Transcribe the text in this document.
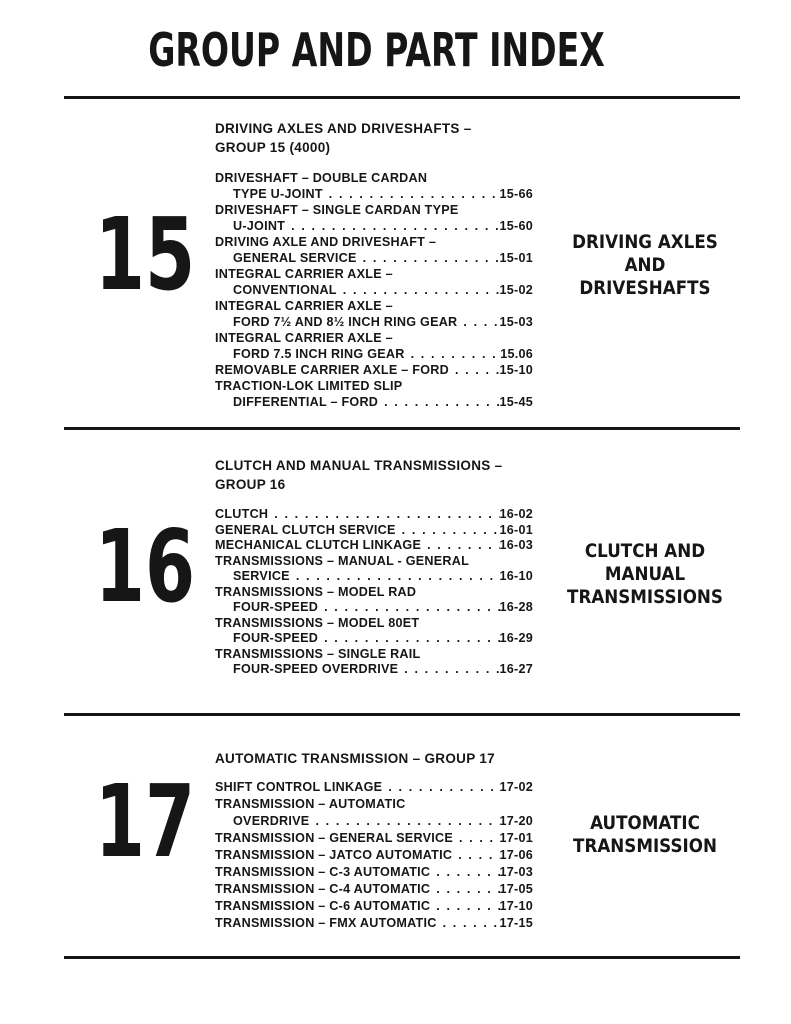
GROUP AND PART INDEX
15
DRIVING AXLES AND DRIVESHAFTS –
GROUP 15 (4000)
DRIVESHAFT – DOUBLE CARDAN
TYPE U-JOINT . . .	15-66
DRIVESHAFT – SINGLE CARDAN TYPE
U-JOINT . . .	15-60
DRIVING AXLE AND DRIVESHAFT –
GENERAL SERVICE . . .	15-01
INTEGRAL CARRIER AXLE –
CONVENTIONAL . . .	15-02
INTEGRAL CARRIER AXLE –
FORD 7½ AND 8½ INCH RING GEAR . . .	15-03
INTEGRAL CARRIER AXLE –
FORD 7.5 INCH RING GEAR . . .	15.06
REMOVABLE CARRIER AXLE – FORD . . .	15-10
TRACTION-LOK LIMITED SLIP
DIFFERENTIAL – FORD . . .	15-45
DRIVING AXLES
AND
DRIVESHAFTS
16
CLUTCH AND MANUAL TRANSMISSIONS –
GROUP 16
CLUTCH . . .	16-02
GENERAL CLUTCH SERVICE . . .	16-01
MECHANICAL CLUTCH LINKAGE . . .	16-03
TRANSMISSIONS – MANUAL - GENERAL
SERVICE . . .	16-10
TRANSMISSIONS – MODEL RAD
FOUR-SPEED . . .	16-28
TRANSMISSIONS – MODEL 80ET
FOUR-SPEED . . .	16-29
TRANSMISSIONS – SINGLE RAIL
FOUR-SPEED OVERDRIVE . . .	16-27
CLUTCH AND
MANUAL
TRANSMISSIONS
17
AUTOMATIC TRANSMISSION – GROUP 17
SHIFT CONTROL LINKAGE . . .	17-02
TRANSMISSION – AUTOMATIC
OVERDRIVE . . .	17-20
TRANSMISSION – GENERAL SERVICE . . .	17-01
TRANSMISSION – JATCO AUTOMATIC . . .	17-06
TRANSMISSION – C-3 AUTOMATIC . . .	17-03
TRANSMISSION – C-4 AUTOMATIC . . .	17-05
TRANSMISSION – C-6 AUTOMATIC . . .	17-10
TRANSMISSION – FMX AUTOMATIC . . .	17-15
AUTOMATIC
TRANSMISSION
